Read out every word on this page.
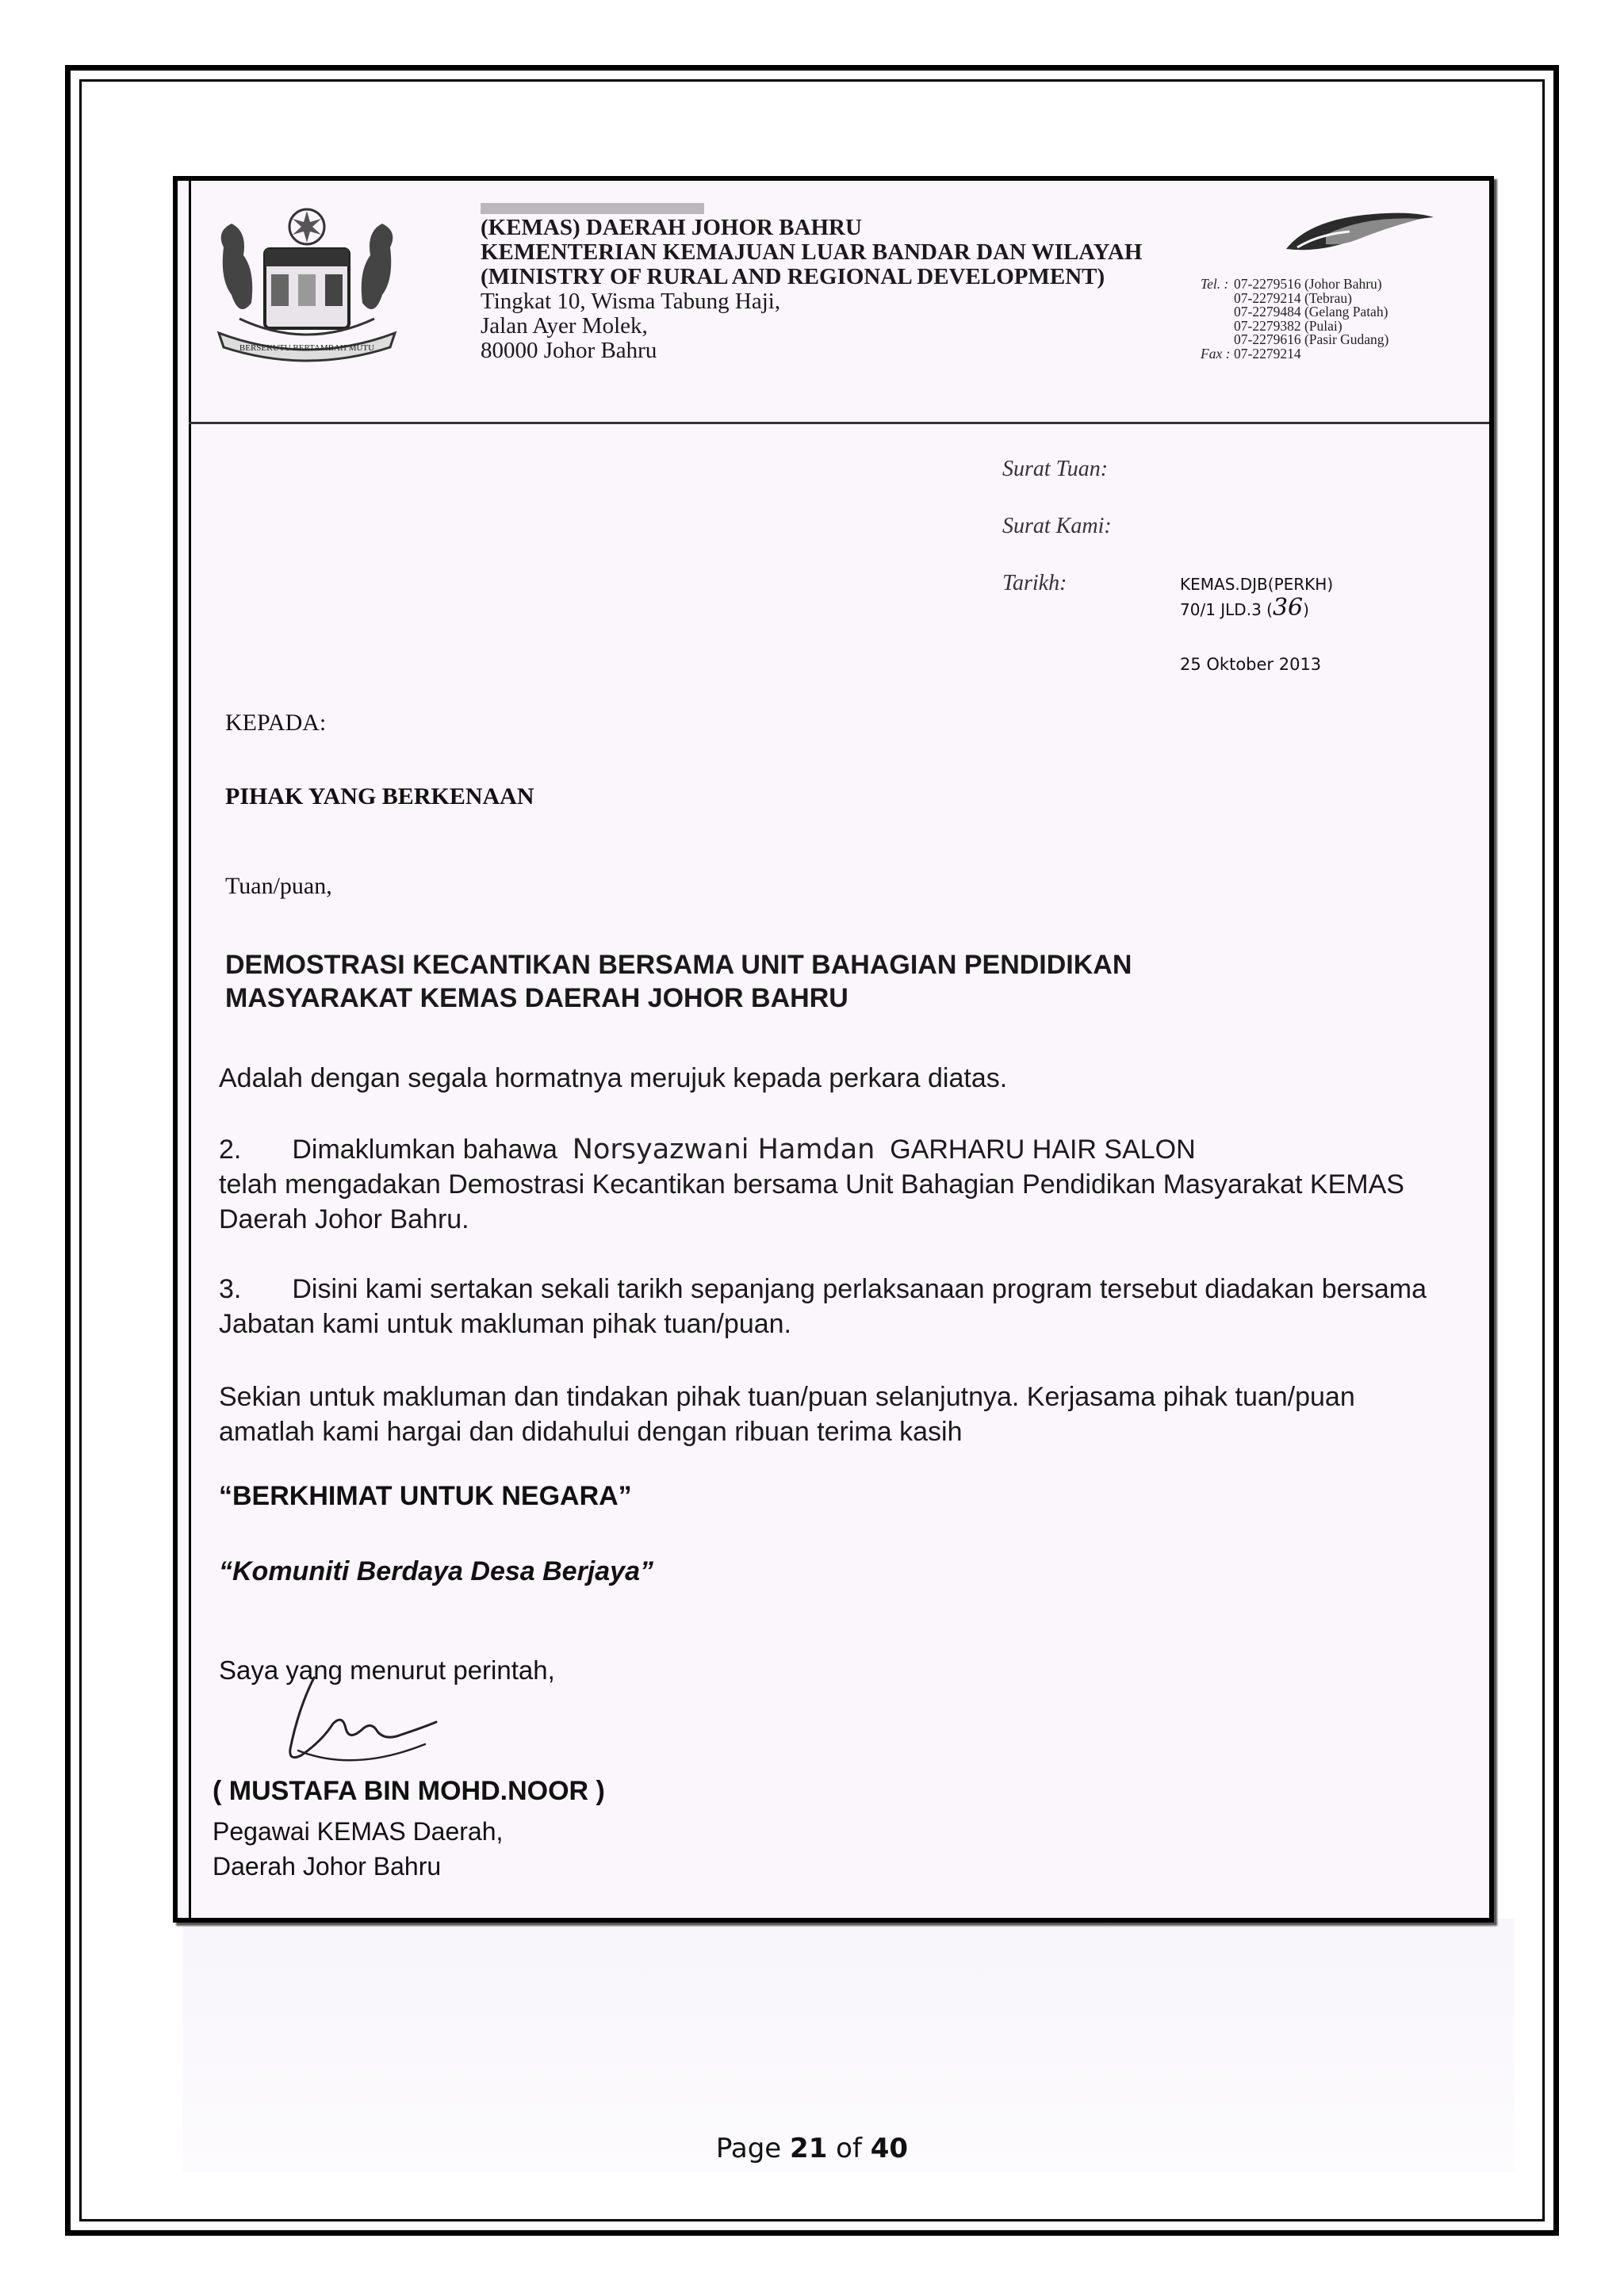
BERSEKUTU BERTAMBAH MUTU
(KEMAS) DAERAH JOHOR BAHRU
KEMENTERIAN KEMAJUAN LUAR BANDAR DAN WILAYAH
(MINISTRY OF RURAL AND REGIONAL DEVELOPMENT)
Tingkat 10, Wisma Tabung Haji,
Jalan Ayer Molek,
80000 Johor Bahru
Tel. : 07-2279516 (Johor Bahru)
07-2279214 (Tebrau)
07-2279484 (Gelang Patah)
07-2279382 (Pulai)
07-2279616 (Pasir Gudang)
Fax : 07-2279214
Surat Tuan:
Surat Kami:
Tarikh:	KEMAS.DJB(PERKH)
70/1 JLD.3 (36)
25 Oktober 2013
KEPADA:
PIHAK YANG BERKENAAN
Tuan/puan,
DEMOSTRASI KECANTIKAN BERSAMA UNIT BAHAGIAN PENDIDIKAN
MASYARAKAT KEMAS DAERAH JOHOR BAHRU
Adalah dengan segala hormatnya merujuk kepada perkara diatas.
2. Dimaklumkan bahawa Norsyazwani Hamdan GARHARU HAIR SALON
telah mengadakan Demostrasi Kecantikan bersama Unit Bahagian Pendidikan Masyarakat KEMAS Daerah Johor Bahru.
3. Disini kami sertakan sekali tarikh sepanjang perlaksanaan program tersebut diadakan bersama Jabatan kami untuk makluman pihak tuan/puan.
Sekian untuk makluman dan tindakan pihak tuan/puan selanjutnya. Kerjasama pihak tuan/puan amatlah kami hargai dan didahului dengan ribuan terima kasih
“BERKHIMAT UNTUK NEGARA”
“Komuniti Berdaya Desa Berjaya”
Saya yang menurut perintah,
( MUSTAFA BIN MOHD.NOOR )
Pegawai KEMAS Daerah,
Daerah Johor Bahru
Page 21 of 40
